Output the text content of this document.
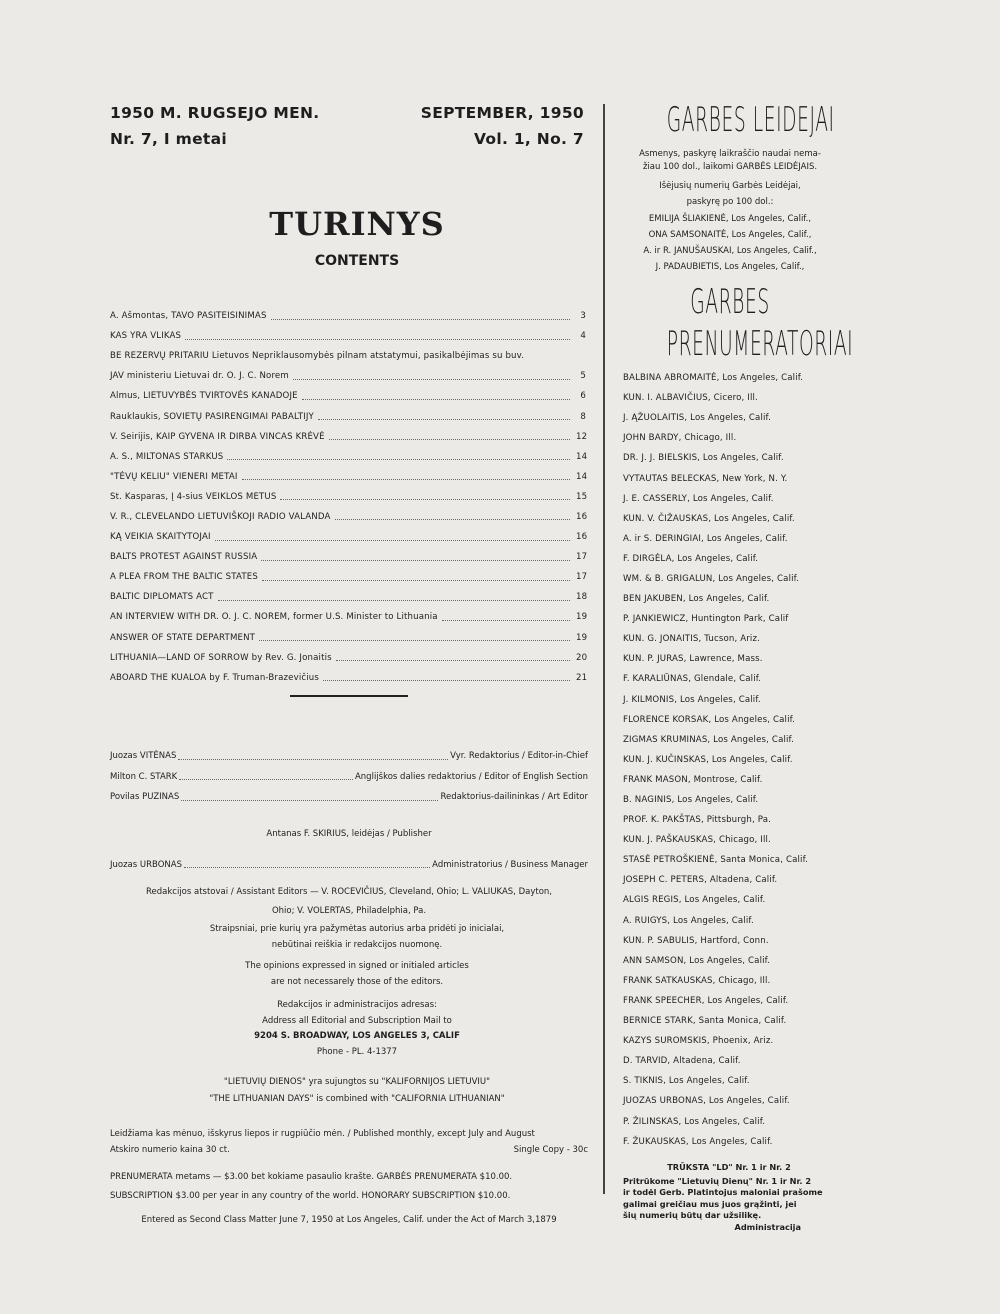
1950 M. RUGSEJO MEN.
Nr. 7, I metai
SEPTEMBER, 1950
Vol. 1, No. 7
TURINYS
CONTENTS
A. Ašmontas, TAVO PASITEISINIMAS	3
KAS YRA VLIKAS	4
BE REZERVŲ PRITARIU Lietuvos Nepriklausomybės pilnam atstatymui, pasikalbėjimas su buv.
JAV ministeriu Lietuvai dr. O. J. C. Norem	5
Almus, LIETUVYBĖS TVIRTOVĖS KANADOJE	6
Rauklaukis, SOVIETŲ PASIRENGIMAI PABALTIJY	8
V. Seirijis, KAIP GYVENA IR DIRBA VINCAS KRĖVĖ	12
A. S., MILTONAS STARKUS	14
"TĖVŲ KELIU" VIENERI METAI	14
St. Kasparas, Į 4-sius VEIKLOS METUS	15
V. R., CLEVELANDO LIETUVIŠKOJI RADIO VALANDA	16
KĄ VEIKIA SKAITYTOJAI	16
BALTS PROTEST AGAINST RUSSIA	17
A PLEA FROM THE BALTIC STATES	17
BALTIC DIPLOMATS ACT	18
AN INTERVIEW WITH DR. O. J. C. NOREM, former U.S. Minister to Lithuania	19
ANSWER OF STATE DEPARTMENT	19
LITHUANIA—LAND OF SORROW by Rev. G. Jonaitis	20
ABOARD THE KUALOA by F. Truman-Brazevičius	21
Juozas VITĖNAS	Vyr. Redaktorius / Editor-in-Chief
Milton C. STARK	Anglijškos dalies redaktorius / Editor of English Section
Povilas PUZINAS	Redaktorius-dailininkas / Art Editor
Antanas F. SKIRIUS, leidėjas / Publisher
Juozas URBONAS	Administratorius / Business Manager
Redakcijos atstovai / Assistant Editors — V. ROCEVIČIUS, Cleveland, Ohio; L. VALIUKAS, Dayton,
Ohio; V. VOLERTAS, Philadelphia, Pa.
Straipsniai, prie kurių yra pažymėtas autorius arba pridėti jo inicialai,
nebūtinai reiškia ir redakcijos nuomonę.
The opinions expressed in signed or initialed articles
are not necessarely those of the editors.
Redakcijos ir administracijos adresas:
Address all Editorial and Subscription Mail to
9204 S. BROADWAY, LOS ANGELES 3, CALIF
Phone - PL. 4-1377
"LIETUVIŲ DIENOS" yra sujungtos su "KALIFORNIJOS LIETUVIU"
"THE LITHUANIAN DAYS" is combined with "CALIFORNIA LITHUANIAN"
Leidžiama kas mėnuo, išskyrus liepos ir rugpiūčio mėn. / Published monthly, except July and August
Atskiro numerio kaina 30 ct.	Single Copy - 30c
PRENUMERATA metams — $3.00 bet kokiame pasaulio krašte. GARBĖS PRENUMERATA $10.00.
SUBSCRIPTION $3.00 per year in any country of the world. HONORARY SUBSCRIPTION $10.00.
Entered as Second Class Matter June 7, 1950 at Los Angeles, Calif. under the Act of March 3,1879
GARBES LEIDEJAI
Asmenys, paskyrę laikraščio naudai nema-
žiau 100 dol., laikomi GARBĖS LEIDĖJAIS.
Išėjusių numerių Garbės Leidėjai,
paskyrę po 100 dol.:
EMILIJA ŠLIAKIENĖ, Los Angeles, Calif.,
ONA SAMSONAITĖ, Los Angeles, Calif.,
A. ir R. JANUŠAUSKAI, Los Angeles, Calif.,
J. PADAUBIETIS, Los Angeles, Calif.,
GARBES
PRENUMERATORIAI
BALBINA ABROMAITĖ, Los Angeles, Calif.
KUN. I. ALBAVIČIUS, Cicero, Ill.
J. ĄŽUOLAITIS, Los Angeles, Calif.
JOHN BARDY, Chicago, Ill.
DR. J. J. BIELSKIS, Los Angeles, Calif.
VYTAUTAS BELECKAS, New York, N. Y.
J. E. CASSERLY, Los Angeles, Calif.
KUN. V. ČIŽAUSKAS, Los Angeles, Calif.
A. ir S. DERINGIAI, Los Angeles, Calif.
F. DIRGĖLA, Los Angeles, Calif.
WM. & B. GRIGALUN, Los Angeles, Calif.
BEN JAKUBEN, Los Angeles, Calif.
P. JANKIEWICZ, Huntington Park, Calif
KUN. G. JONAITIS, Tucson, Ariz.
KUN. P. JURAS, Lawrence, Mass.
F. KARALIŪNAS, Glendale, Calif.
J. KILMONIS, Los Angeles, Calif.
FLORENCE KORSAK, Los Angeles, Calif.
ZIGMAS KRUMINAS, Los Angeles, Calif.
KUN. J. KUČINSKAS, Los Angeles, Calif.
FRANK MASON, Montrose, Calif.
B. NAGINIS, Los Angeles, Calif.
PROF. K. PAKŠTAS, Pittsburgh, Pa.
KUN. J. PAŠKAUSKAS, Chicago, Ill.
STASĖ PETROŠKIENĖ, Santa Monica, Calif.
JOSEPH C. PETERS, Altadena, Calif.
ALGIS REGIS, Los Angeles, Calif.
A. RUIGYS, Los Angeles, Calif.
KUN. P. SABULIS, Hartford, Conn.
ANN SAMSON, Los Angeles, Calif.
FRANK SATKAUSKAS, Chicago, Ill.
FRANK SPEECHER, Los Angeles, Calif.
BERNICE STARK, Santa Monica, Calif.
KAZYS SUROMSKIS, Phoenix, Ariz.
D. TARVID, Altadena, Calif.
S. TIKNIS, Los Angeles, Calif.
JUOZAS URBONAS, Los Angeles, Calif.
P. ŽILINSKAS, Los Angeles, Calif.
F. ŽUKAUSKAS, Los Angeles, Calif.
TRŪKSTA "LD" Nr. 1 ir Nr. 2
Pritrūkome "Lietuvių Dienų" Nr. 1 ir Nr. 2
ir todėl Gerb. Platintojus maloniai prašome
galimai greičiau mus juos grąžinti, jei
šių numerių būtų dar užsilikę.
Administracija
